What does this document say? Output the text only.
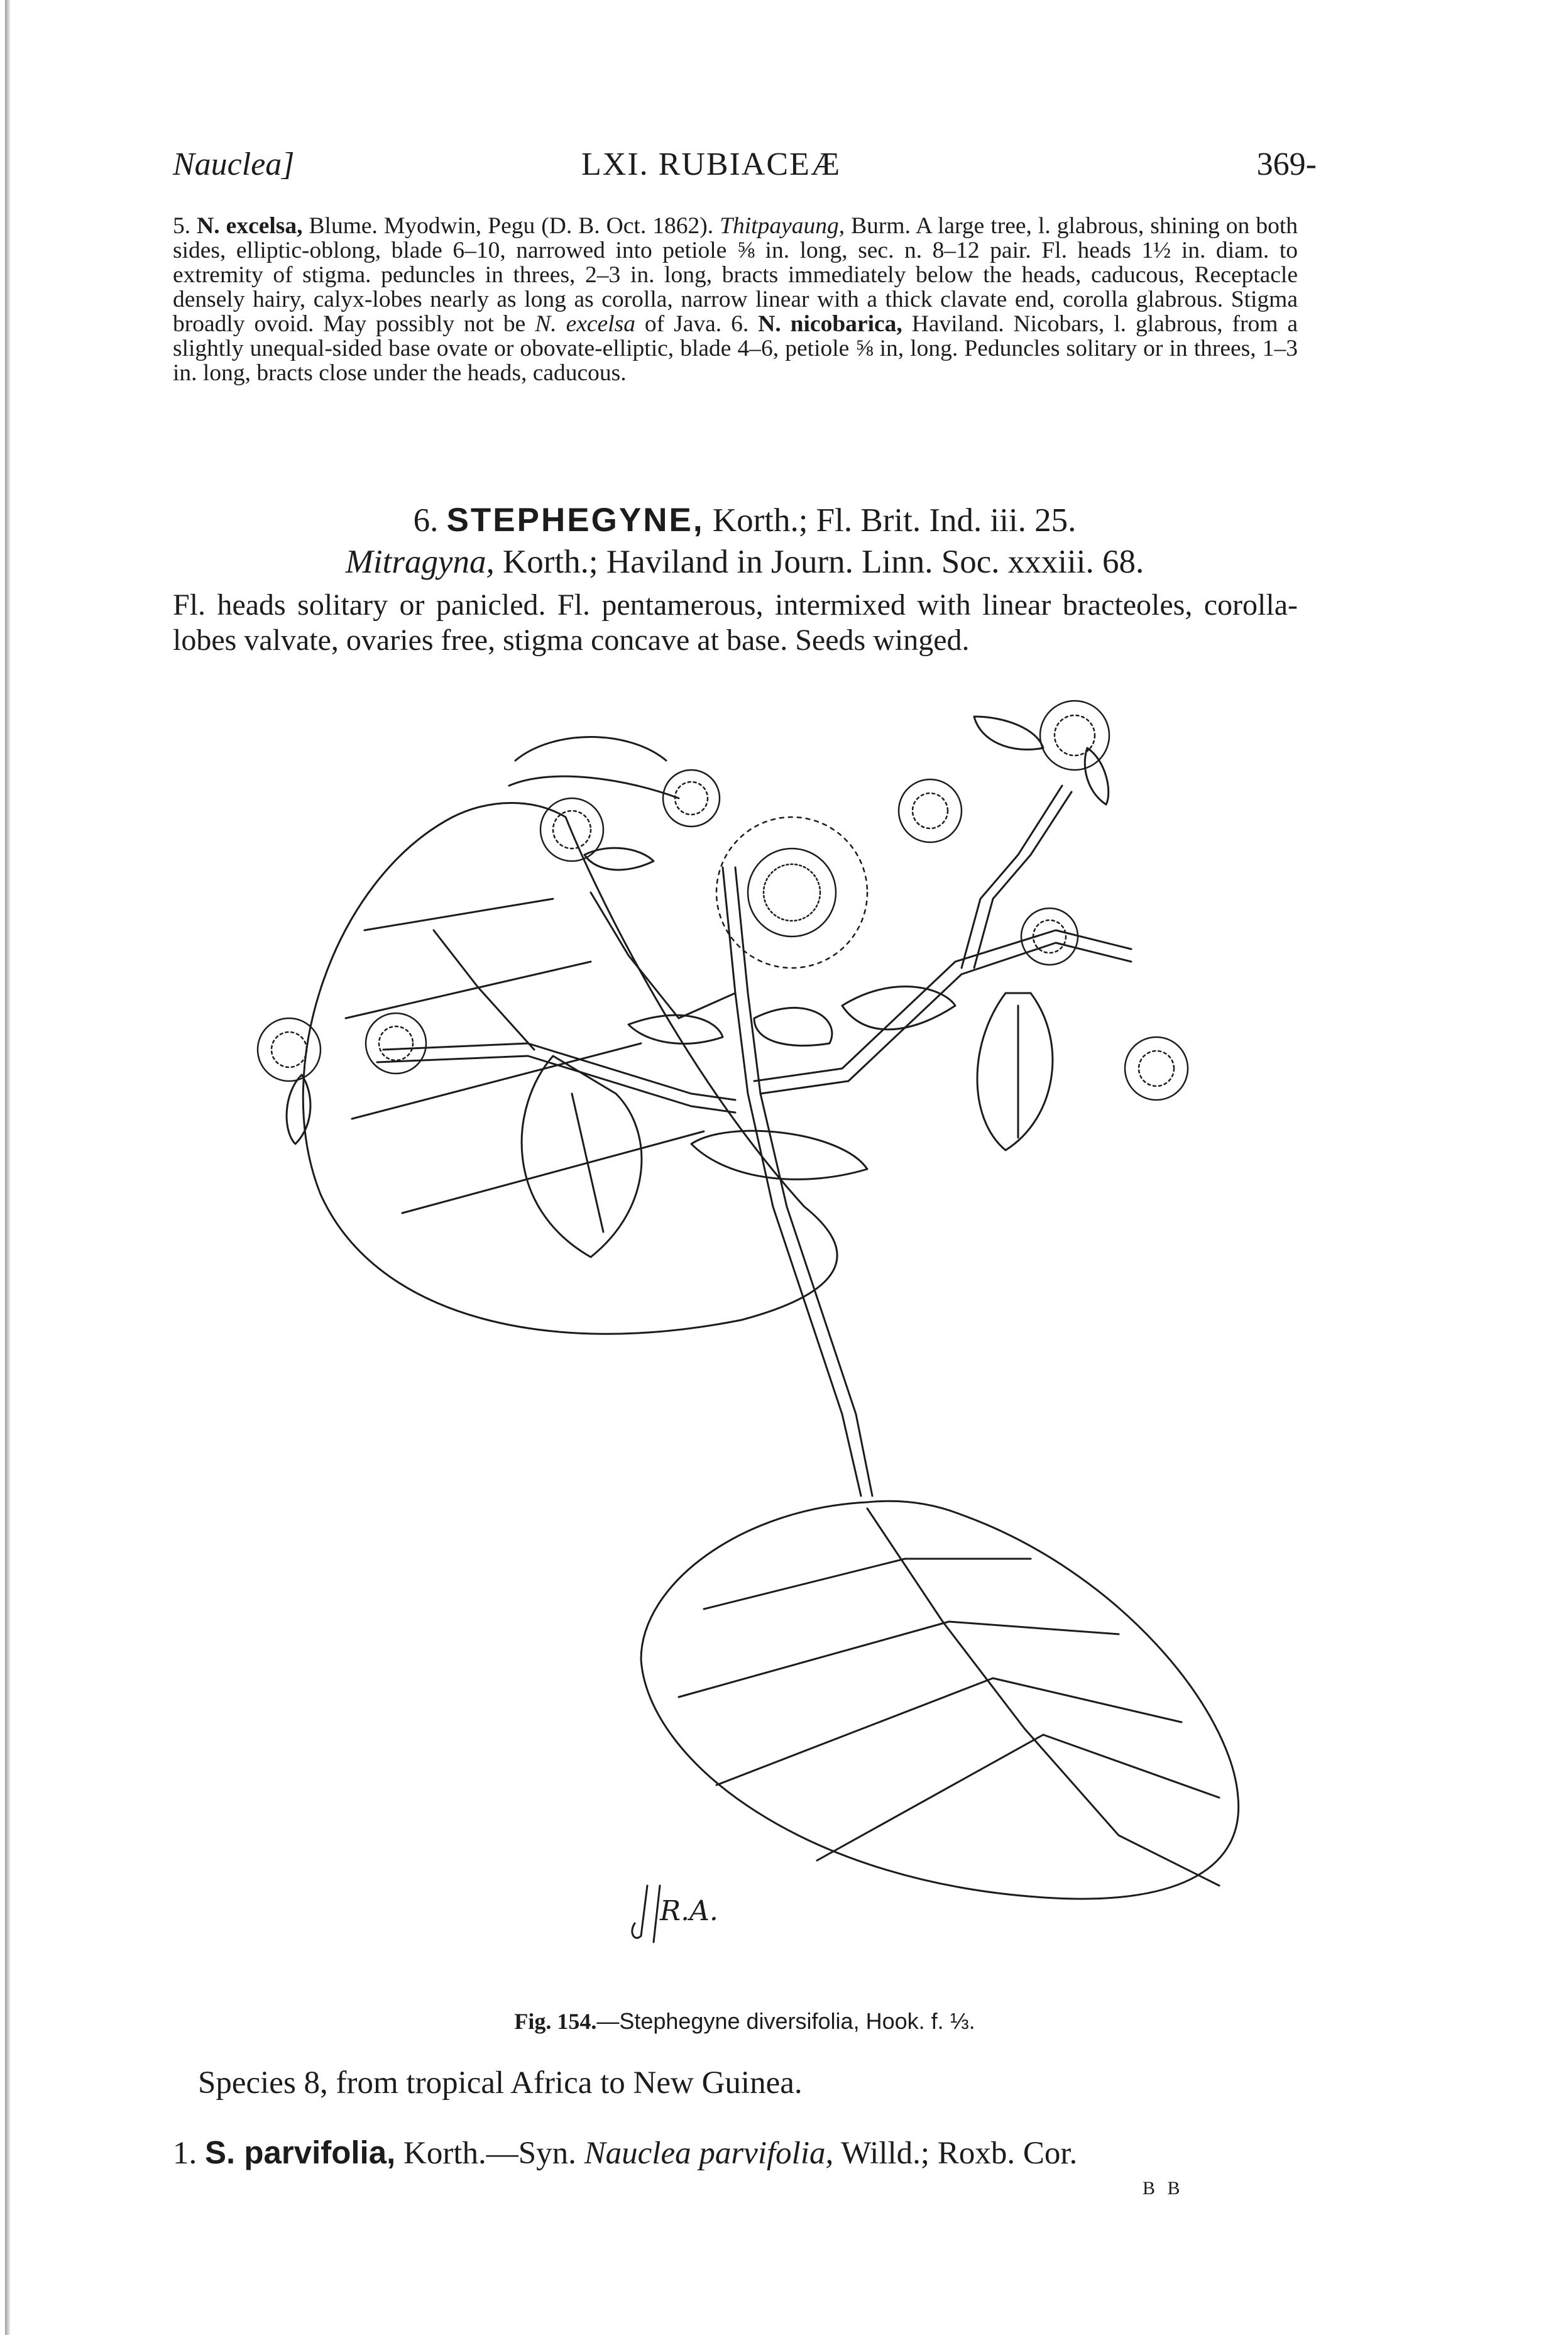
Nauclea]	LXI. RUBIACEÆ	369-
5. N. excelsa, Blume. Myodwin, Pegu (D. B. Oct. 1862). Thitpayaung, Burm. A large tree, l. glabrous, shining on both sides, elliptic-oblong, blade 6–10, narrowed into petiole ⅝ in. long, sec. n. 8–12 pair. Fl. heads 1½ in. diam. to extremity of stigma. peduncles in threes, 2–3 in. long, bracts immediately below the heads, caducous, Receptacle densely hairy, calyx-lobes nearly as long as corolla, narrow linear with a thick clavate end, corolla glabrous. Stigma broadly ovoid. May possibly not be N. excelsa of Java. 6. N. nicobarica, Haviland. Nicobars, l. glabrous, from a slightly unequal-sided base ovate or obovate-elliptic, blade 4–6, petiole ⅝ in, long. Peduncles solitary or in threes, 1–3 in. long, bracts close under the heads, caducous.
6. STEPHEGYNE, Korth.; Fl. Brit. Ind. iii. 25.
Mitragyna, Korth.; Haviland in Journ. Linn. Soc. xxxiii. 68.
Fl. heads solitary or panicled. Fl. pentamerous, intermixed with linear bracteoles, corolla-lobes valvate, ovaries free, stigma concave at base. Seeds winged.
R.A.
Fig. 154.—Stephegyne diversifolia, Hook. f. ⅓.
Species 8, from tropical Africa to New Guinea.
1. S. parvifolia, Korth.—Syn. Nauclea parvifolia, Willd.; Roxb. Cor.
B B
